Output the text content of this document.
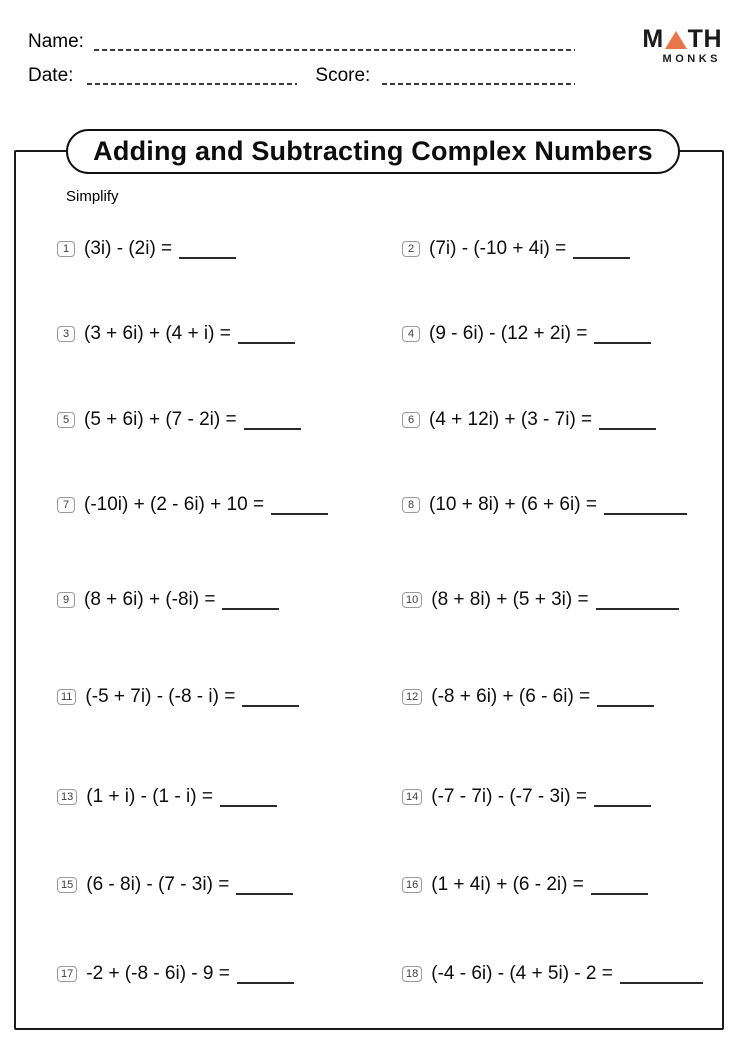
Name:
Date:	Score:
M TH
MONKS
Adding and Subtracting Complex Numbers
Simplify
1 (3i) - (2i) =	2 (7i) - (-10 + 4i) =
3 (3 + 6i) + (4 + i) =	4 (9 - 6i) - (12 + 2i) =
5 (5 + 6i) + (7 - 2i) =	6 (4 + 12i) + (3 - 7i) =
7 (-10i) + (2 - 6i) + 10 =	8 (10 + 8i) + (6 + 6i) =
9 (8 + 6i) + (-8i) =	10 (8 + 8i) + (5 + 3i) =
11 (-5 + 7i) - (-8 - i) =	12 (-8 + 6i) + (6 - 6i) =
13 (1 + i) - (1 - i) =	14 (-7 - 7i) - (-7 - 3i) =
15 (6 - 8i) - (7 - 3i) =	16 (1 + 4i) + (6 - 2i) =
17 -2 + (-8 - 6i) - 9 =	18 (-4 - 6i) - (4 + 5i) - 2 =
